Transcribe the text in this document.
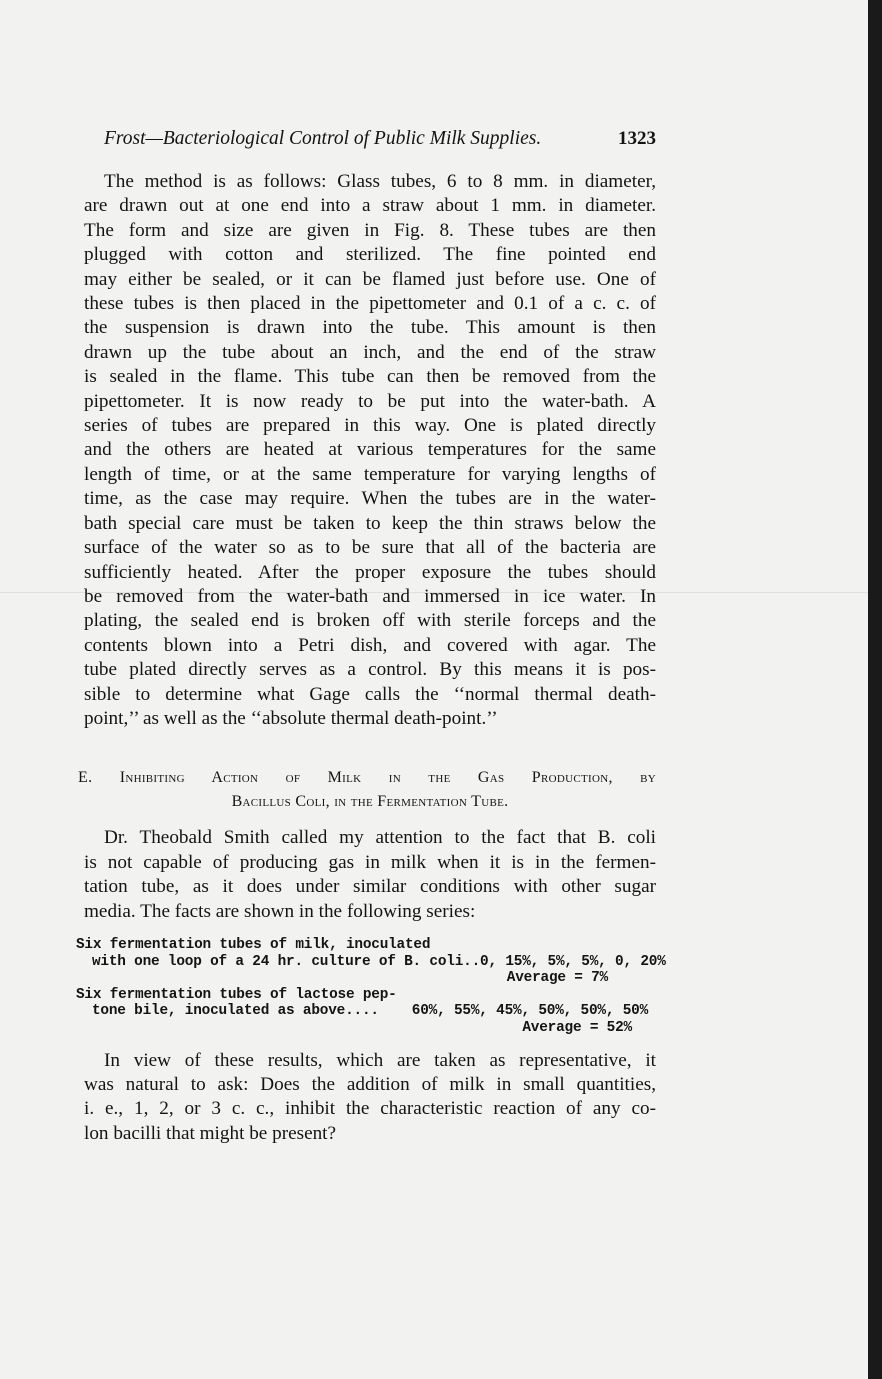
Frost—Bacteriological Control of Public Milk Supplies.	1323

The method is as follows: Glass tubes, 6 to 8 mm. in diameter,
are drawn out at one end into a straw about 1 mm. in diameter.
The form and size are given in Fig. 8. These tubes are then
plugged with cotton and sterilized. The fine pointed end
may either be sealed, or it can be flamed just before use. One of
these tubes is then placed in the pipettometer and 0.1 of a c. c. of
the suspension is drawn into the tube. This amount is then
drawn up the tube about an inch, and the end of the straw
is sealed in the flame. This tube can then be removed from the
pipettometer. It is now ready to be put into the water-bath. A
series of tubes are prepared in this way. One is plated directly
and the others are heated at various temperatures for the same
length of time, or at the same temperature for varying lengths of
time, as the case may require. When the tubes are in the water-
bath special care must be taken to keep the thin straws below the
surface of the water so as to be sure that all of the bacteria are
sufficiently heated. After the proper exposure the tubes should
be removed from the water-bath and immersed in ice water. In
plating, the sealed end is broken off with sterile forceps and the
contents blown into a Petri dish, and covered with agar. The
tube plated directly serves as a control. By this means it is pos-
sible to determine what Gage calls the ‘‘normal thermal death-
point,’’ as well as the ‘‘absolute thermal death-point.’’

E. Inhibiting Action of Milk in the Gas Production, by
Bacillus Coli, in the Fermentation Tube.

Dr. Theobald Smith called my attention to the fact that B. coli
is not capable of producing gas in milk when it is in the fermen-
tation tube, as it does under similar conditions with other sugar
media. The facts are shown in the following series:

Six fermentation tubes of milk, inoculated
with one loop of a 24 hr. culture of B. coli.. 0, 15%, 5%, 5%, 0, 20%
Average = 7%
Six fermentation tubes of lactose pep-
tone bile, inoculated as above.... 60%, 55%, 45%, 50%, 50%, 50%
Average = 52%

In view of these results, which are taken as representative, it
was natural to ask: Does the addition of milk in small quantities,
i. e., 1, 2, or 3 c. c., inhibit the characteristic reaction of any co-
lon bacilli that might be present?
